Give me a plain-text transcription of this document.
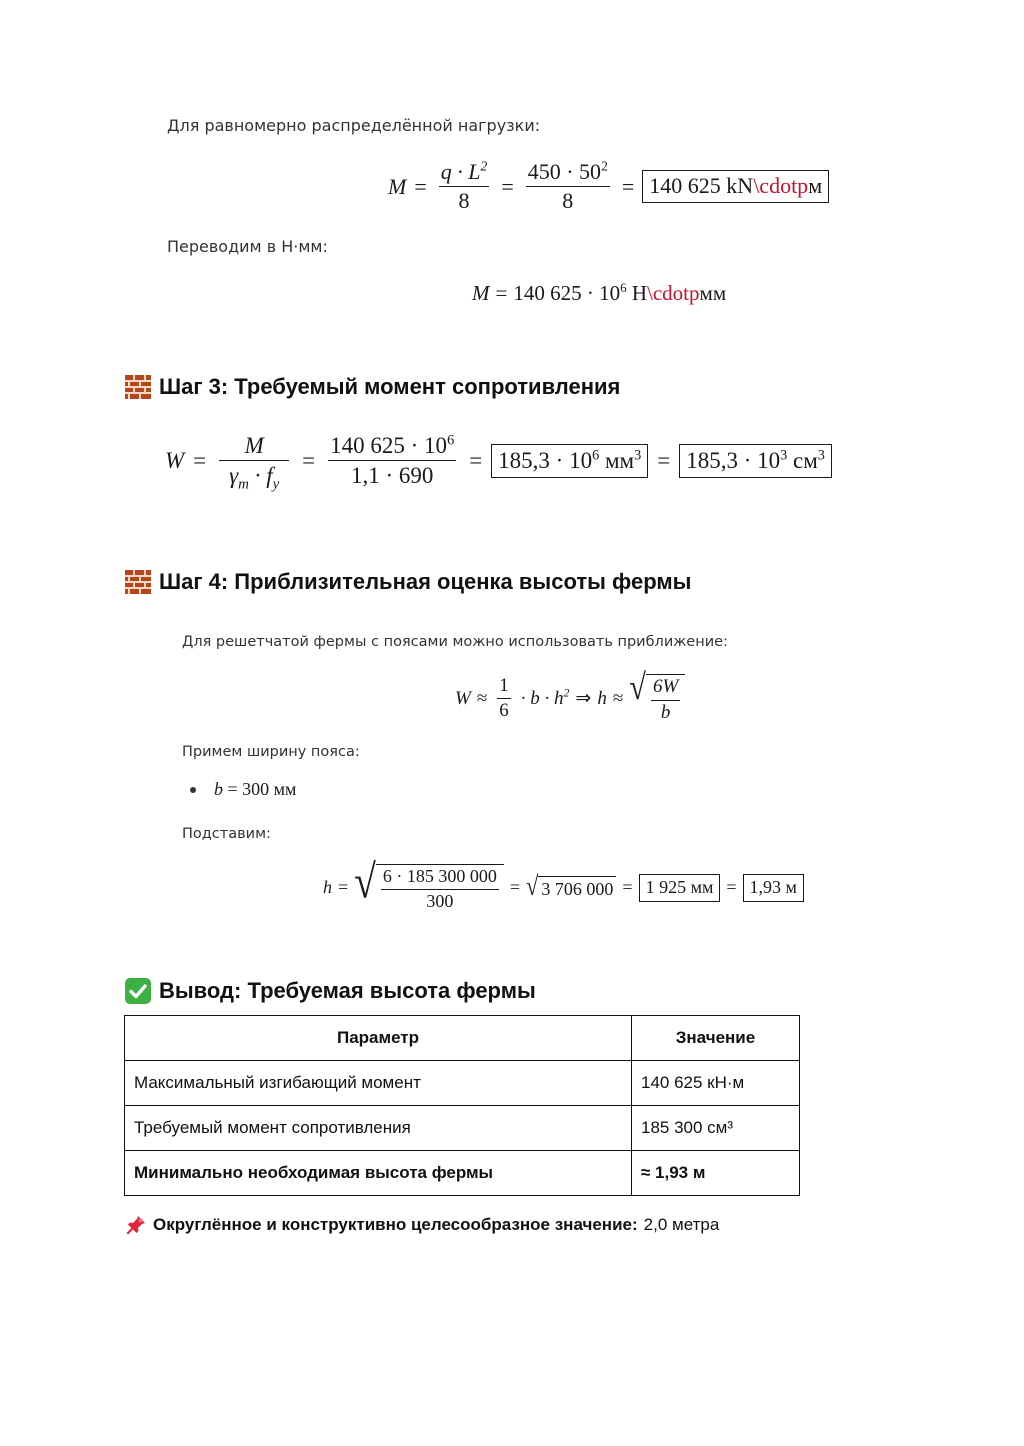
Для равномерно распределённой нагрузки:
$M = \frac{q \cdot L^2}{8} = \frac{450 \cdot 50^2}{8} = 140$ 625 kN\cdotpм
Переводим в Н·мм:
M = 140 $625 \cdot 10^6$ Н\cdotpмм
Шаг 3: Требуемый момент сопротивления
$W = \frac{M}{\gamma_m \cdot f_y} = \frac{140 625 \cdot 10^6}{1,1 \cdot 690} = 185,3 \cdot 10^6$ $мм^3 = 185,3 \cdot 10^3$ $см^3$
Шаг 4: Приблизительная оценка высоты фермы
Для решетчатой фермы с поясами можно использовать приближение:
$W \approx \frac{1}{6} \cdot b \cdot h^2$ ⇒ h ≈ √ $\frac{6W}{b}$
Примем ширину пояса:
b = 300 мм
Подставим:
h = √ $\frac{6 \cdot 185 300 000}{300}$ = √ 3 706 000 = 1 925 мм = 1,93 м
Вывод: Требуемая высота фермы
Параметр	Значение
Максимальный изгибающий момент	140 625 кН·м
Требуемый момент сопротивления	185 300 см³
Минимально необходимая высота фермы	≈ 1,93 м
Округлённое и конструктивно целесообразное значение: 2,0 метра
